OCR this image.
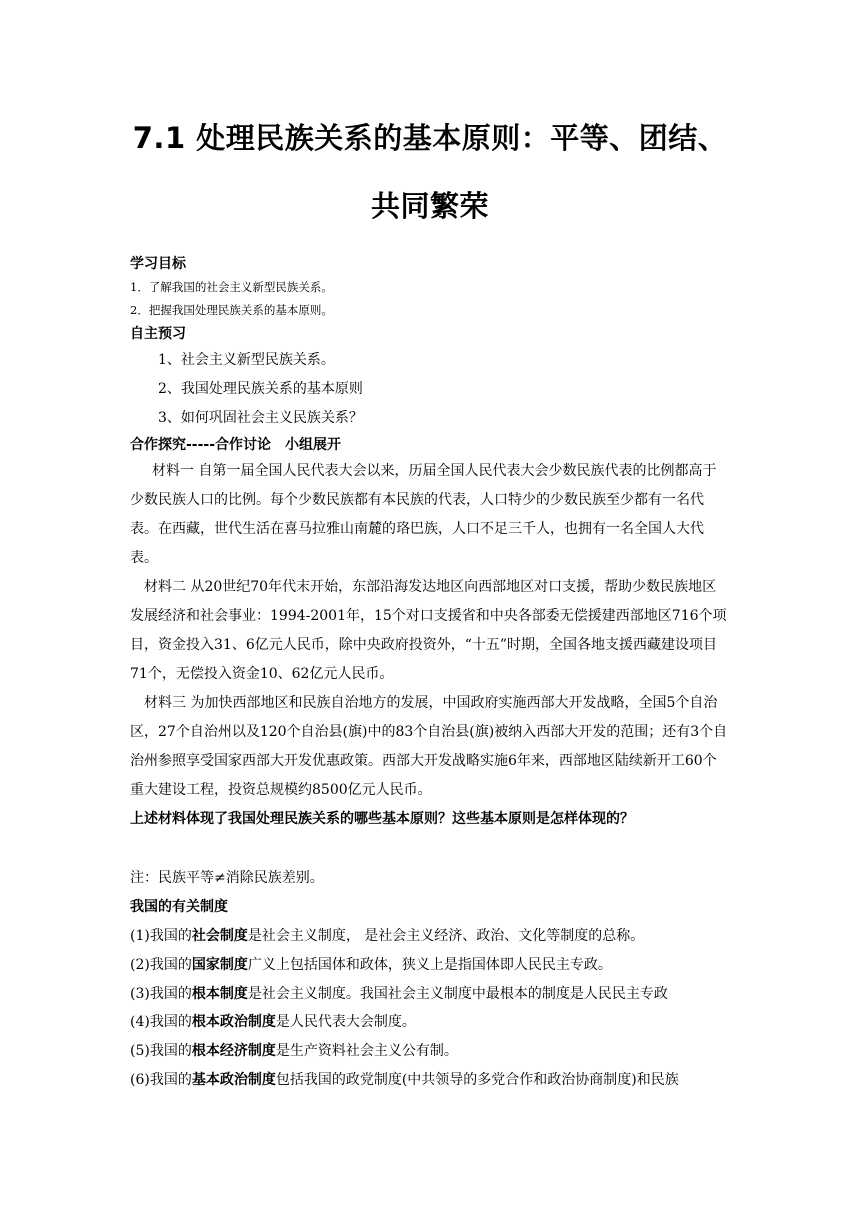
7.1 处理民族关系的基本原则：平等、团结、
共同繁荣

学习目标

1．了解我国的社会主义新型民族关系。

2．把握我国处理民族关系的基本原则。

自主预习

1、社会主义新型民族关系。

2、我国处理民族关系的基本原则

3、如何巩固社会主义民族关系？

合作探究-----合作讨论　小组展开

材料一 自第一届全国人民代表大会以来，历届全国人民代表大会少数民族代表的比例都高于少数民族人口的比例。每个少数民族都有本民族的代表，人口特少的少数民族至少都有一名代表。在西藏，世代生活在喜马拉雅山南麓的珞巴族，人口不足三千人，也拥有一名全国人大代表。

材料二 从20世纪70年代末开始，东部沿海发达地区向西部地区对口支援，帮助少数民族地区发展经济和社会事业：1994-2001年，15个对口支援省和中央各部委无偿援建西部地区716个项目，资金投入31、6亿元人民币，除中央政府投资外，“十五”时期，全国各地支援西藏建设项目71个，无偿投入资金10、62亿元人民币。

材料三 为加快西部地区和民族自治地方的发展，中国政府实施西部大开发战略，全国5个自治区，27个自治州以及120个自治县(旗)中的83个自治县(旗)被纳入西部大开发的范围；还有3个自治州参照享受国家西部大开发优惠政策。西部大开发战略实施6年来，西部地区陆续新开工60个重大建设工程，投资总规模约8500亿元人民币。

上述材料体现了我国处理民族关系的哪些基本原则？这些基本原则是怎样体现的？

注：民族平等≠消除民族差别。

我国的有关制度

(1)我国的社会制度是社会主义制度， 是社会主义经济、政治、文化等制度的总称。

(2)我国的国家制度广义上包括国体和政体，狭义上是指国体即人民民主专政。

(3)我国的根本制度是社会主义制度。我国社会主义制度中最根本的制度是人民民主专政

(4)我国的根本政治制度是人民代表大会制度。

(5)我国的根本经济制度是生产资料社会主义公有制。

(6)我国的基本政治制度包括我国的政党制度(中共领导的多党合作和政治协商制度)和民族
